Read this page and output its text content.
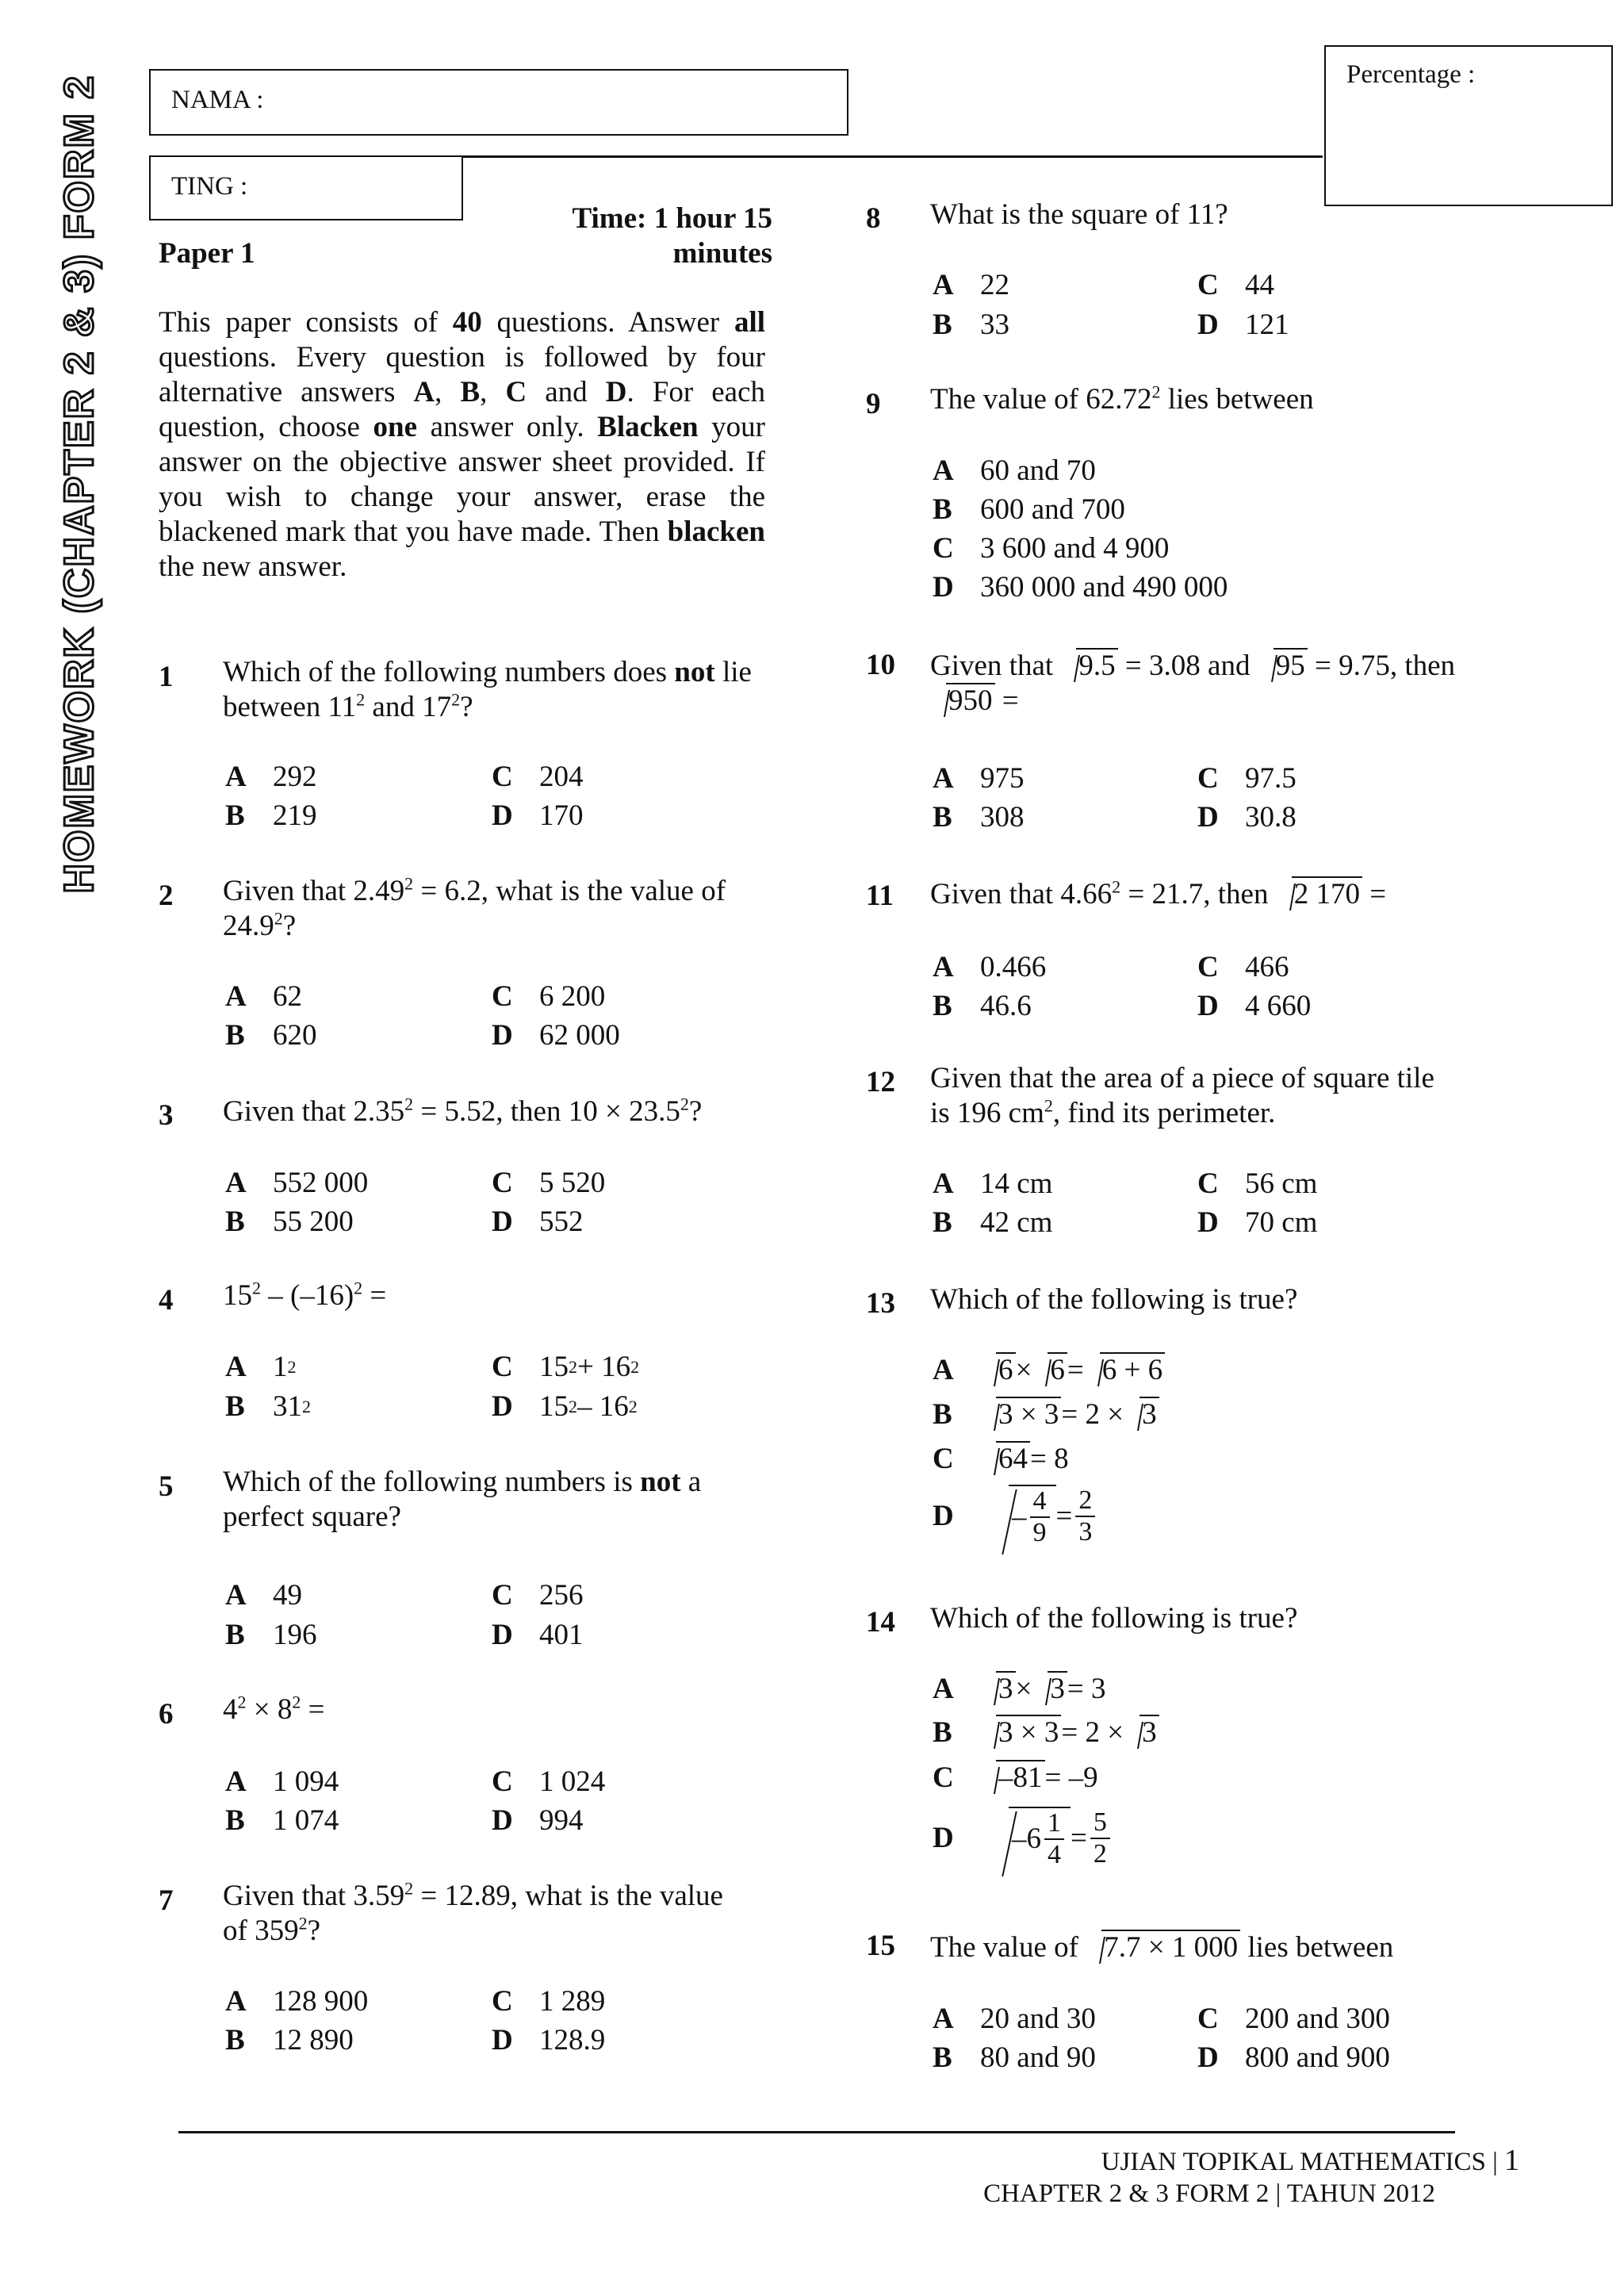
HOMEWORK (CHAPTER 2 & 3) FORM 2	NAMA :
TING :
Percentage :
Paper 1
Time: 1 hour 15
minutes
This paper consists of 40 questions. Answer all questions. Every question is followed by four alternative answers A, B, C and D. For each question, choose one answer only. Blacken your answer on the objective answer sheet provided. If you wish to change your answer, erase the blackened mark that you have made. Then blacken the new answer.
1 Which of the following numbers does not lie
between $11^2$ and $17^2$?
A 292
B 219
C 204
D 170
2 Given that $2.49^2 = 6.2$, what is the value of
24.9$^2$?
A 62
B 620
C 6 200
D 62 000
3 Given that $2.35^2 = 5.52$, then $10 \times 23.5^2$?
A 552 000
B 55 200
C 5 520
D 552
4 $15^2 - (-16)^2$ =
A 1 2
B 31 2
C 15 2 + 16 2
D 15 2 – 16 2
5 Which of the following numbers is not a
perfect square?
A 49
B 196
C 256
D 401
6 $4^2 \times 8^2$ =
A 1 094
B 1 074
C 1 024
D 994
7 Given that $3.59^2 = 12.89$, what is the value
of $359^2$?
A 128 900
B 12 890
C 1 289
D 128.9
8 What is the square of 11?
A 22
B 33
C 44
D 121
9 The value of 62.72$^2$ lies between
A 60 and 70
B 600 and 700
C 3 600 and 4 900
D 360 000 and 490 000
10 Given that 9.5 = 3.08 and 95 = 9.75, then
950 =
A 975
B 308
C 97.5
D 30.8
11 Given that $4.66^2 = 21.7$, then 2 170 =
A 0.466
B 46.6
C 466
D 4 660
12 Given that the area of a piece of square tile
is 196 $cm^2$, find its perimeter.
A 14 cm
B 42 cm
C 56 cm
D 70 cm
13 Which of the following is true?
A	6 × 6 = 6 + 6
B	3 × 3 = 2 × 3
C	64 = 8
D	– $\frac{4}{9} = \frac{2}{3}$
14 Which of the following is true?
A	3 × 3 = 3
B	3 × 3 = 2 × 3
C	–81 = –9
D	$-6 \frac{1}{4} = \frac{5}{2}$
15 The value of 7.7 × 1 000 lies between
A 20 and 30
B 80 and 90
C 200 and 300
D 800 and 900
UJIAN TOPIKAL MATHEMATICS | 1
CHAPTER 2 & 3 FORM 2 | TAHUN 2012
